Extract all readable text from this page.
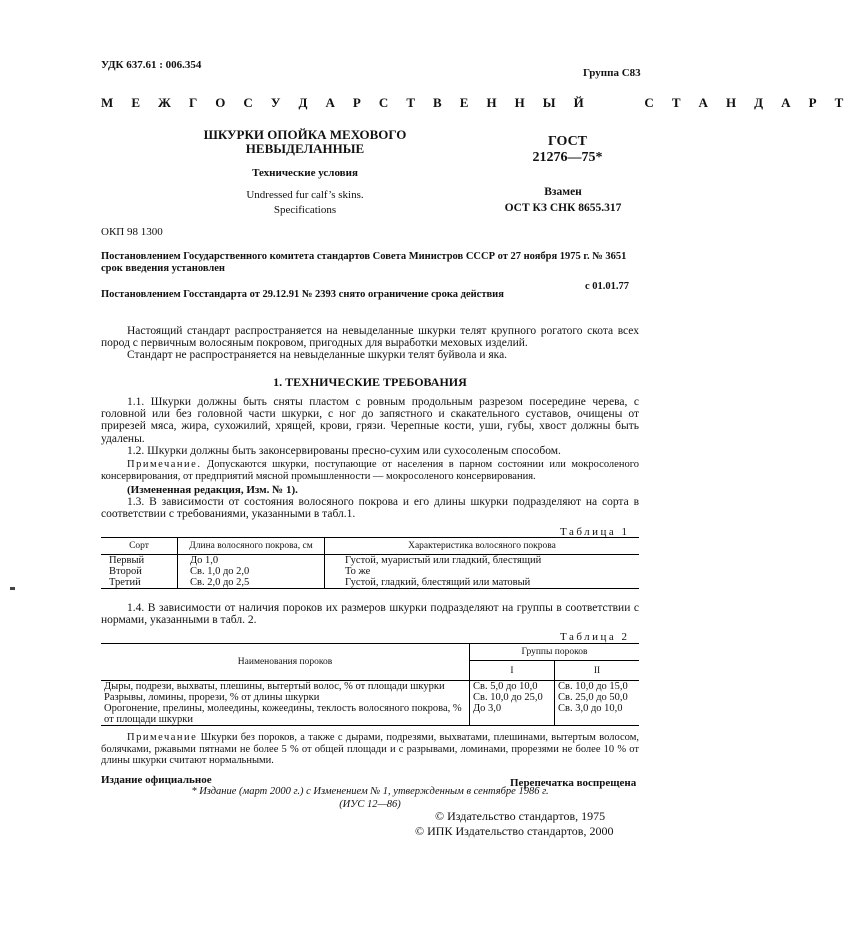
УДК 637.61 : 006.354
Группа С83
М Е Ж Г О С У Д А Р С Т В Е Н Н Ы Й     С Т А Н Д А Р Т
ШКУРКИ ОПОЙКА МЕХОВОГО
НЕВЫДЕЛАННЫЕ
Технические условия
Undressed fur calf’s skins.
Specifications
ГОСТ
21276—75*
Взамен
ОСТ КЗ СНК 8655.317
ОКП 98 1300
Постановлением Государственного комитета стандартов Совета Министров СССР от 27 ноября 1975 г. № 3651 срок введения установлен
с 01.01.77
Постановлением Госстандарта от 29.12.91 № 2393 снято ограничение срока действия
Настоящий стандарт распространяется на невыделанные шкурки телят крупного рогатого скота всех пород с первичным волосяным покровом, пригодных для выработки меховых изделий.
Стандарт не распространяется на невыделанные шкурки телят буйвола и яка.
1. ТЕХНИЧЕСКИЕ ТРЕБОВАНИЯ
1.1. Шкурки должны быть сняты пластом с ровным продольным разрезом посередине черева, с головной или без головной части шкурки, с ног до запястного и скакательного суставов, очищены от прирезей мяса, жира, сухожилий, хрящей, крови, грязи. Черепные кости, уши, губы, хвост должны быть удалены.
1.2. Шкурки должны быть законсервированы пресно-сухим или сухосоленым способом.
Примечание. Допускаются шкурки, поступающие от населения в парном состоянии или мокросоленого консервирования, от предприятий мясной промышленности — мокросоленого консервирования.
(Измененная редакция, Изм. № 1).
1.3. В зависимости от состояния волосяного покрова и его длины шкурки подразделяют на сорта в соответствии с требованиями, указанными в табл.1.
Таблица 1
Сорт	Длина волосяного покрова, см	Характеристика волосяного покрова
Первый	До 1,0	Густой, муаристый или гладкий, блестящий
Второй	Св. 1,0 до 2,0	То же
Третий	Св. 2,0 до 2,5	Густой, гладкий, блестящий или матовый
1.4. В зависимости от наличия пороков их размеров шкурки подразделяют на группы в соответствии с нормами, указанными в табл. 2.
Таблица 2
Наименования пороков	Группы пороков	
	I	II
Дыры, подрези, выхваты, плешины, вытертый волос, % от площади шкурки	Св. 5,0 до 10,0	Св. 10,0 до 15,0
Разрывы, ломины, прорези, % от длины шкурки	Св. 10,0 до 25,0	Св. 25,0 до 50,0
Орогонение, прелины, молеедины, кожеедины, теклость волосяного покрова, % от площади шкурки	До 3,0	Св. 3,0 до 10,0
Примечание Шкурки без пороков, а также с дырами, подрезями, выхватами, плешинами, вытертым волосом, болячками, ржавыми пятнами не более 5 % от общей площади и с разрывами, ломинами, прорезями не более 10 % от длины шкурки считают нормальными.
Издание официальное	Перепечатка воспрещена
* Издание (март 2000 г.) с Изменением № 1, утвержденным в сентябре 1986 г.
(ИУС 12—86)
© Издательство стандартов, 1975
© ИПК Издательство стандартов, 2000
